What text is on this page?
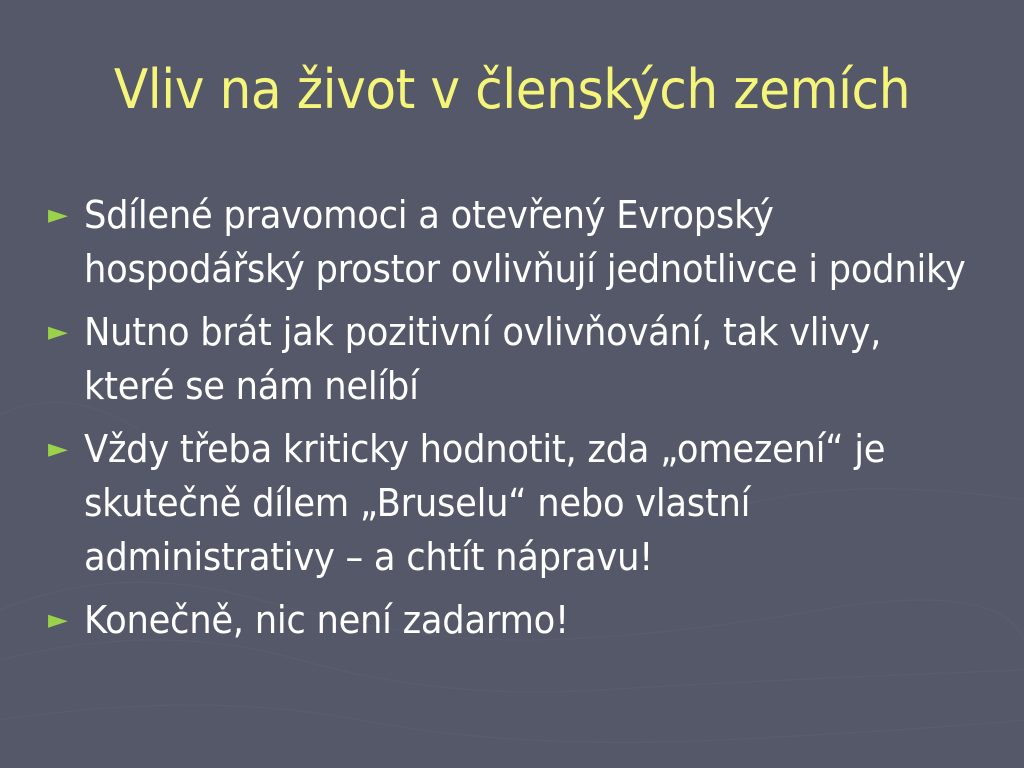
Vliv na život v členských zemích
► Sdílené pravomoci a otevřený Evropský hospodářský prostor ovlivňují jednotlivce i podniky
► Nutno brát jak pozitivní ovlivňování, tak vlivy, které se nám nelíbí
► Vždy třeba kriticky hodnotit, zda „omezení“ je skutečně dílem „Bruselu“ nebo vlastní administrativy – a chtít nápravu!
► Konečně, nic není zadarmo!
